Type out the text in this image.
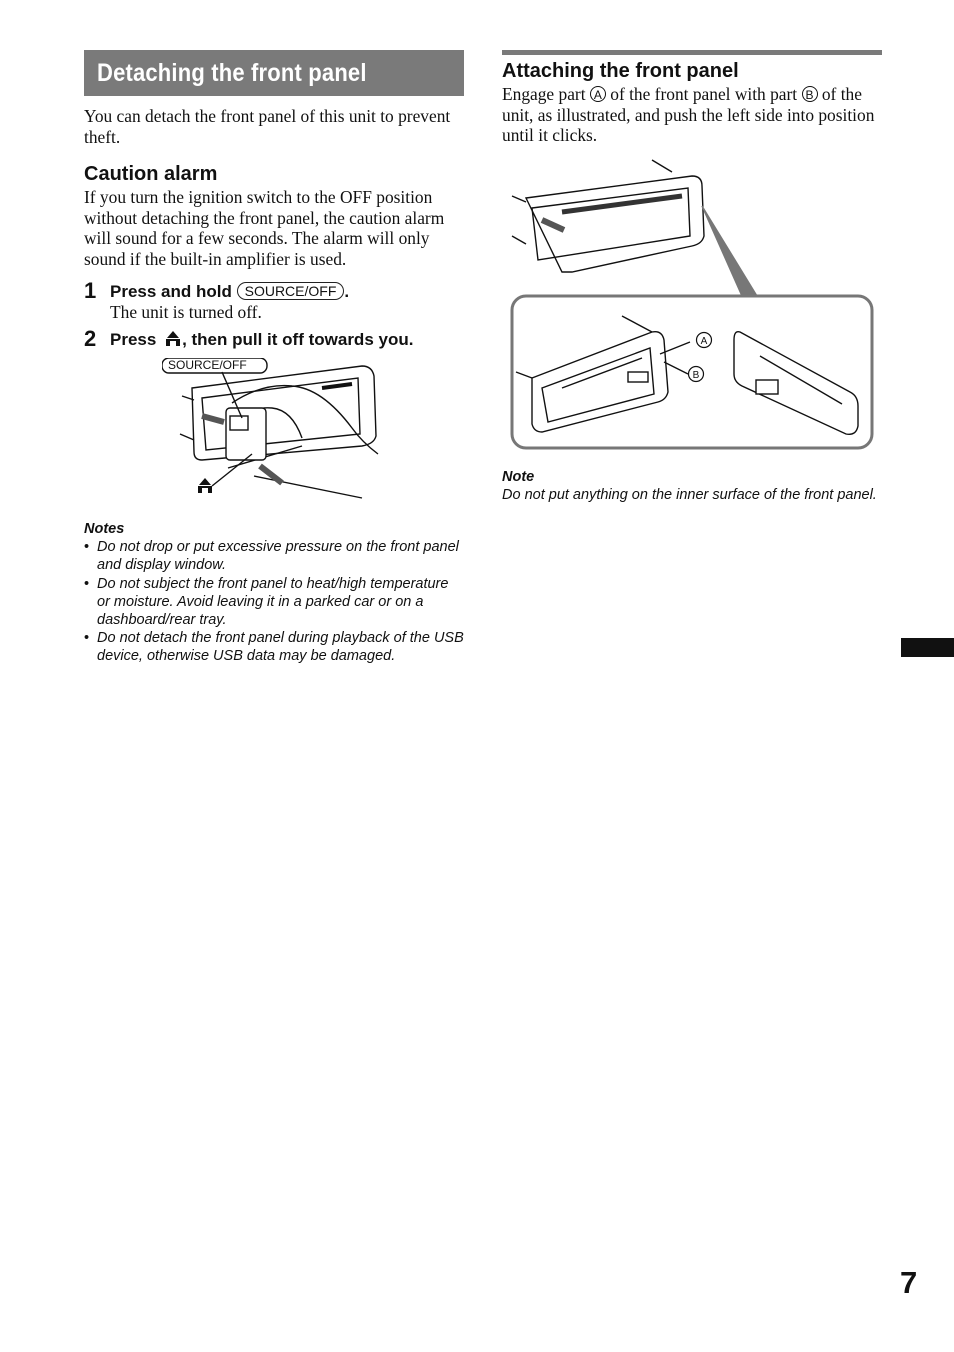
Detaching the front panel

You can detach the front panel of this unit to prevent theft.

Caution alarm

If you turn the ignition switch to the OFF position without detaching the front panel, the caution alarm will sound for a few seconds. The alarm will only sound if the built-in amplifier is used.

1 Press and hold SOURCE/OFF .

The unit is turned off.

2 Press , then pull it off towards you.
SOURCE/OFF

Notes

• Do not drop or put excessive pressure on the front panel and display window.
• Do not subject the front panel to heat/high temperature or moisture. Avoid leaving it in a parked car or on a dashboard/rear tray.
• Do not detach the front panel during playback of the USB device, otherwise USB data may be damaged.

Attaching the front panel

Engage part A of the front panel with part B of the unit, as illustrated, and push the left side into position until it clicks.

A
B

Note

Do not put anything on the inner surface of the front panel.

7
